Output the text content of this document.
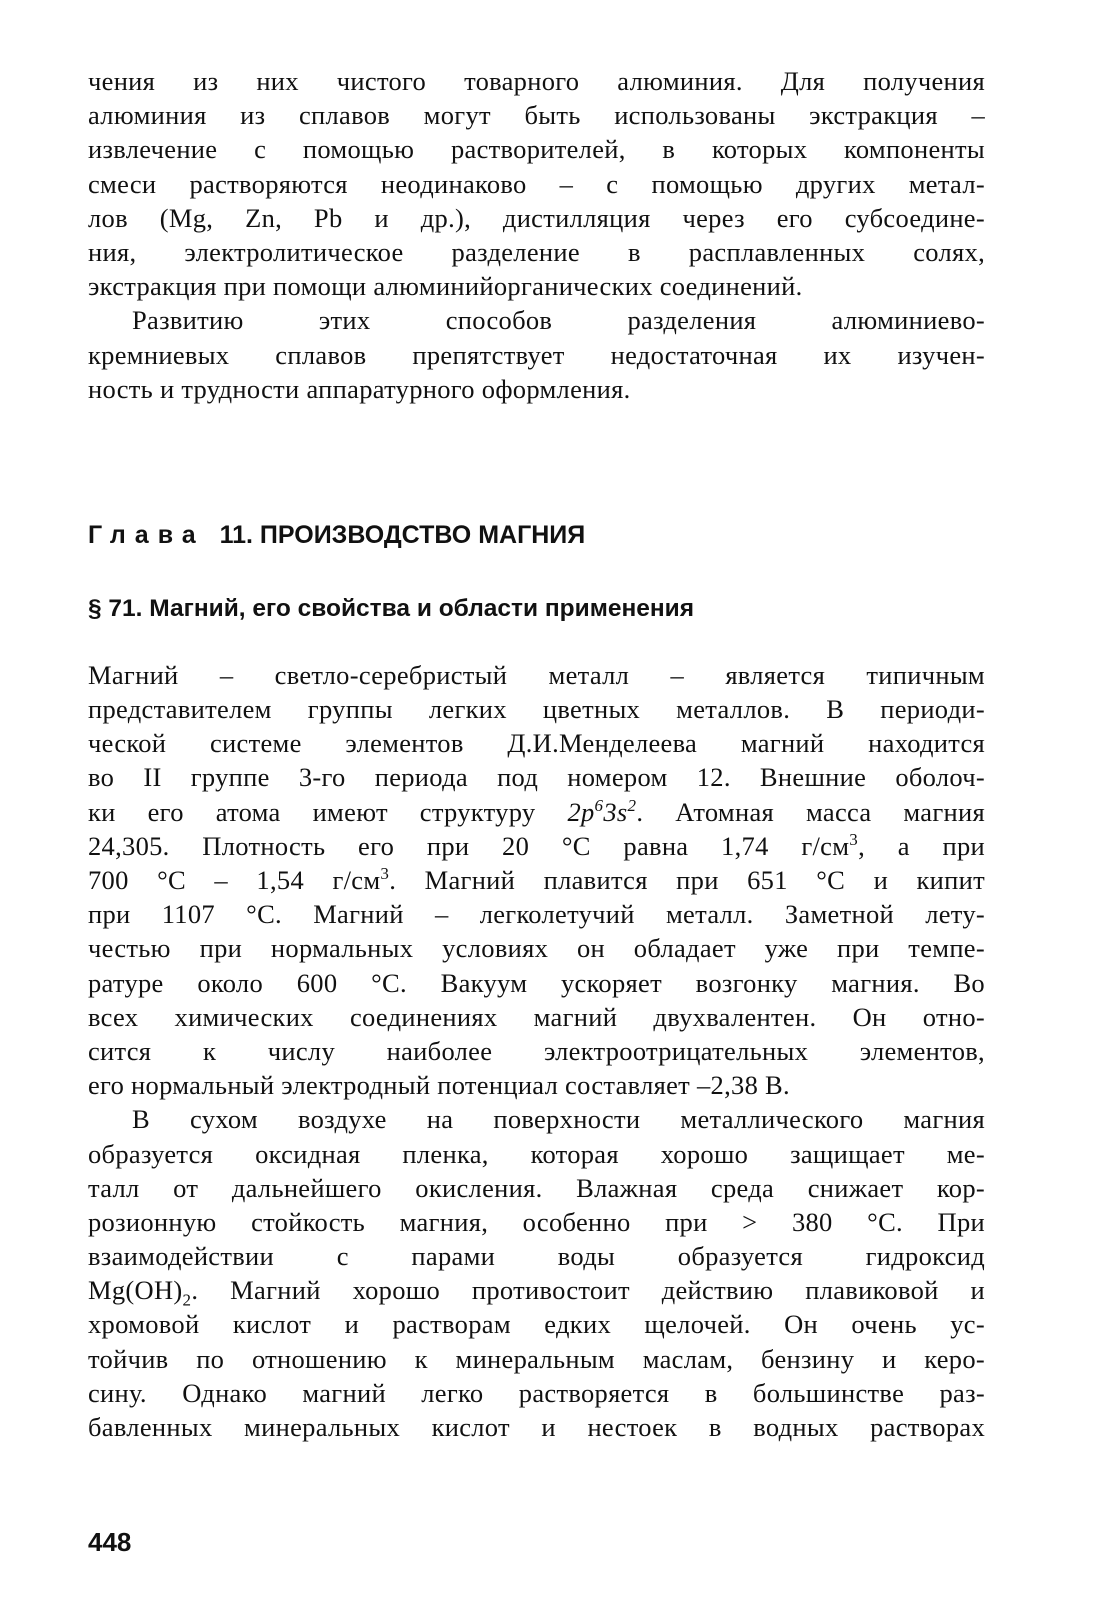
чения из них чистого товарного алюминия. Для получения
алюминия из сплавов могут быть использованы экстракция –
извлечение с помощью растворителей, в которых компоненты
смеси растворяются неодинаково – с помощью других метал-
лов (Mg, Zn, Pb и др.), дистилляция через его субсоедине-
ния, электролитическое разделение в расплавленных солях,
экстракция при помощи алюминийорганических соединений.
Развитию этих способов разделения алюминиево-
кремниевых сплавов препятствует недостаточная их изучен-
ность и трудности аппаратурного оформления.
Глава 11. ПРОИЗВОДСТВО МАГНИЯ
§ 71. Магний, его свойства и области применения
Магний – светло-серебристый металл – является типичным
представителем группы легких цветных металлов. В периоди-
ческой системе элементов Д.И.Менделеева магний находится
во II группе 3-го периода под номером 12. Внешние оболоч-
ки его атома имеют структуру $2p^63s^2$. Атомная масса магния
24,305. Плотность его при 20 °С равна 1,74 $г/см^3$, а при
700 °С – 1,54 $г/см^3$. Магний плавится при 651 °С и кипит
при 1107 °С. Магний – легколетучий металл. Заметной лету-
честью при нормальных условиях он обладает уже при темпе-
ратуре около 600 °С. Вакуум ускоряет возгонку магния. Во
всех химических соединениях магний двухвалентен. Он отно-
сится к числу наиболее электроотрицательных элементов,
его нормальный электродный потенциал составляет –2,38 В.
В сухом воздухе на поверхности металлического магния
образуется оксидная пленка, которая хорошо защищает ме-
талл от дальнейшего окисления. Влажная среда снижает кор-
розионную стойкость магния, особенно при > 380 °С. При
взаимодействии с парами воды образуется гидроксид
$Mg(OH)_2$. Магний хорошо противостоит действию плавиковой и
хромовой кислот и растворам едких щелочей. Он очень ус-
тойчив по отношению к минеральным маслам, бензину и керо-
сину. Однако магний легко растворяется в большинстве раз-
бавленных минеральных кислот и нестоек в водных растворах
448
